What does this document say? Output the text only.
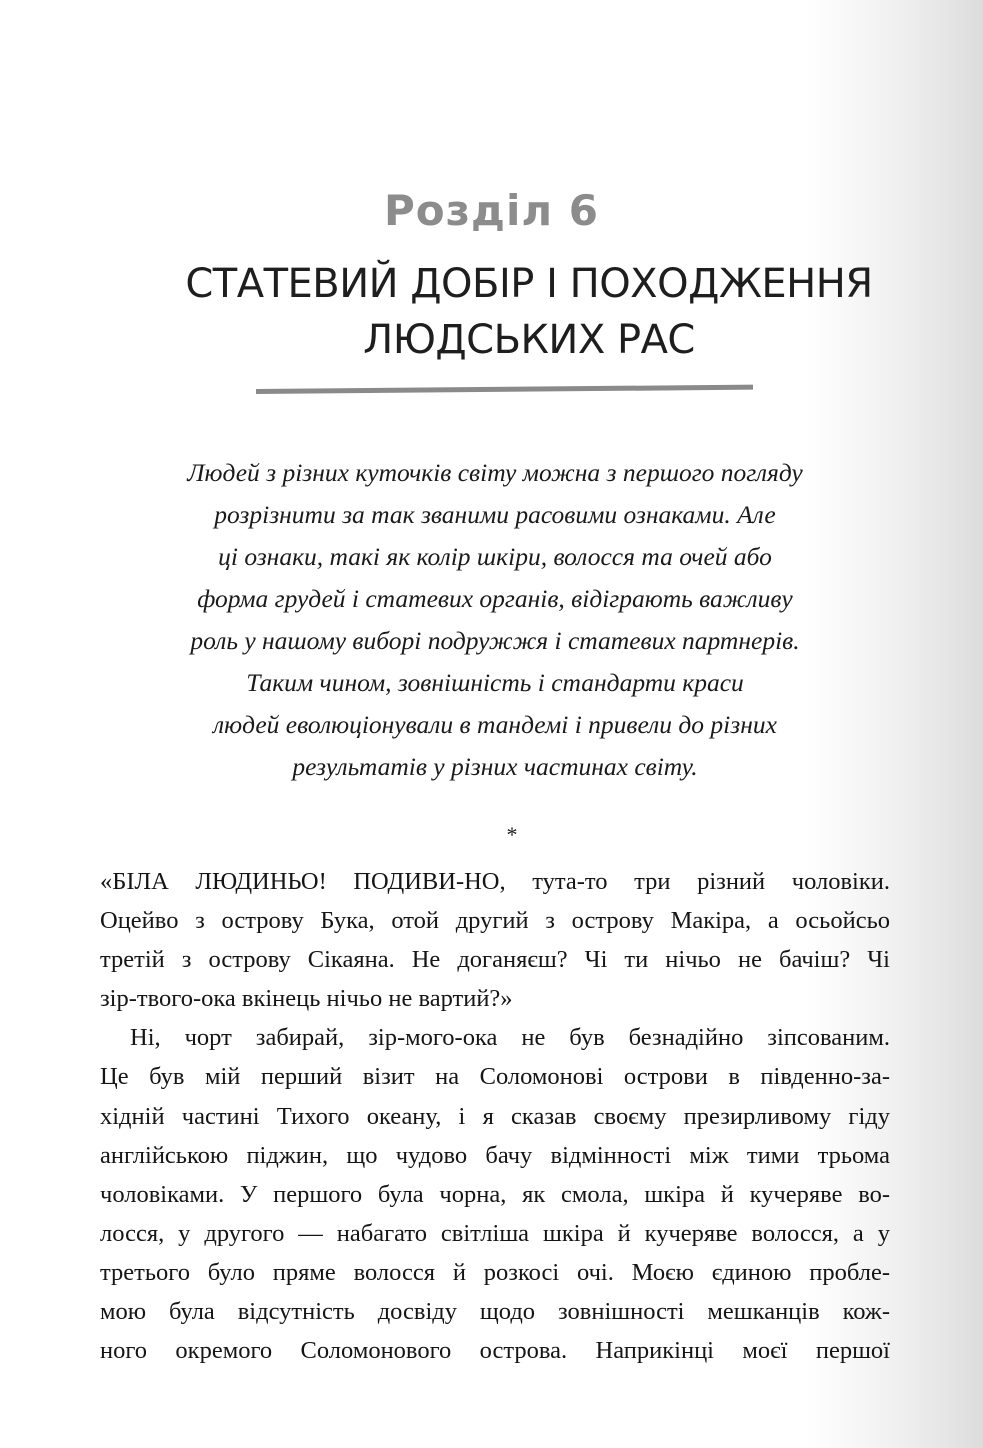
Розділ 6
СТАТЕВИЙ ДОБІР І ПОХОДЖЕННЯ
ЛЮДСЬКИХ РАС
Людей з різних куточків світу можна з першого погляду
розрізнити за так званими расовими ознаками. Але
ці ознаки, такі як колір шкіри, волосся та очей або
форма грудей і статевих органів, відіграють важливу
роль у нашому виборі подружжя і статевих партнерів.
Таким чином, зовнішність і стандарти краси
людей еволюціонували в тандемі і привели до різних
результатів у різних частинах світу.
*

«БІЛА ЛЮДИНЬО! ПОДИВИ-НО, тута-то три різний чоловіки.

Оцейво з острову Бука, отой другий з острову Макіра, а осьойсьо

третій з острову Сікаяна. Не доганяєш? Чі ти нічьо не бачіш? Чі

зір-твого-ока вкінець нічьо не вартий?»

Ні, чорт забирай, зір-мого-ока не був безнадійно зіпсованим.

Це був мій перший візит на Соломонові острови в південно-за-

хідній частині Тихого океану, і я сказав своєму презирливому гіду

англійською піджин, що чудово бачу відмінності між тими трьома

чоловіками. У першого була чорна, як смола, шкіра й кучеряве во-

лосся, у другого — набагато світліша шкіра й кучеряве волосся, а у

третього було пряме волосся й розкосі очі. Моєю єдиною пробле-

мою була відсутність досвіду щодо зовнішності мешканців кож-

ного окремого Соломонового острова. Наприкінці моєї першої
